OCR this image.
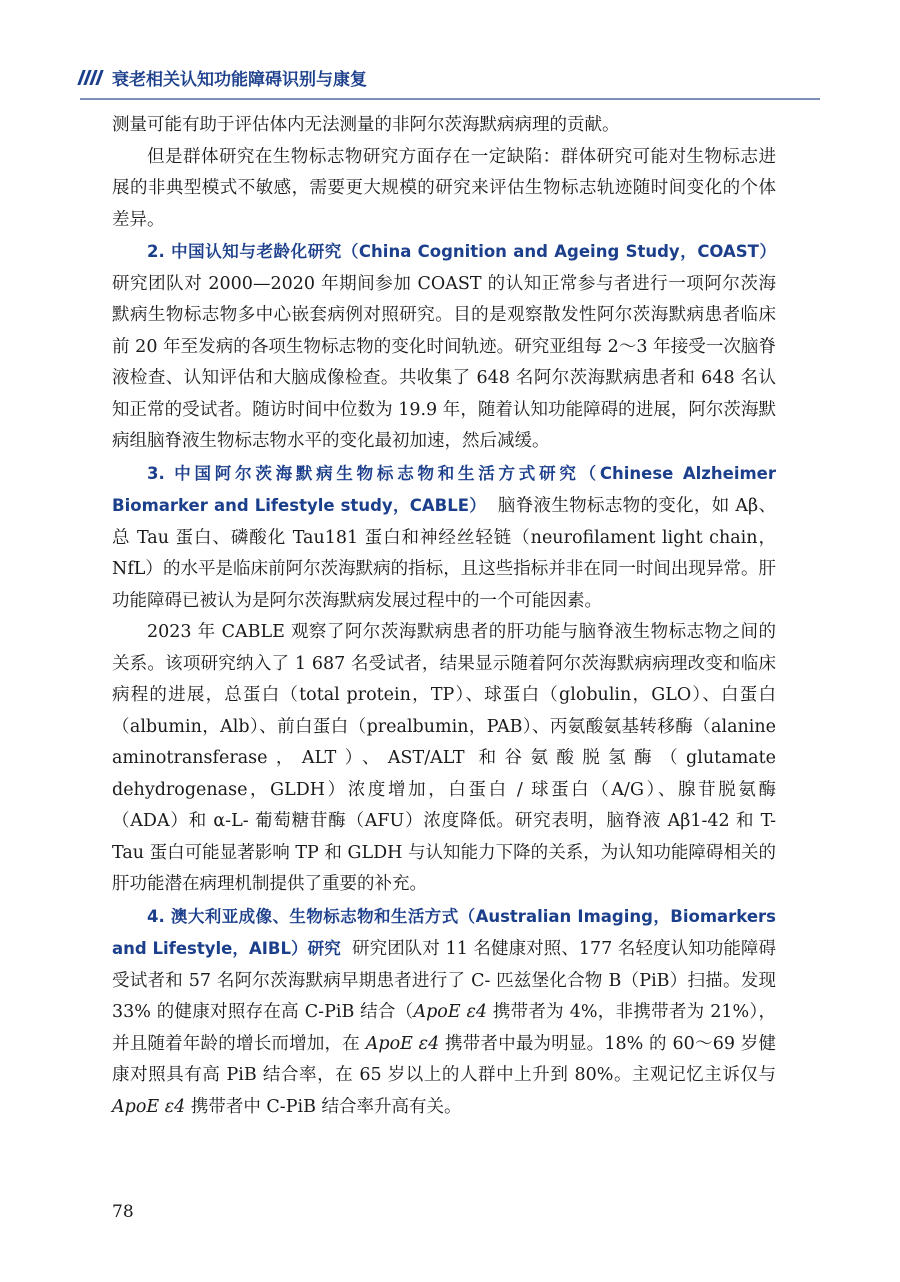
衰老相关认知功能障碍识别与康复

测量可能有助于评估体内无法测量的非阿尔茨海默病病理的贡献。

但是群体研究在生物标志物研究方面存在一定缺陷：群体研究可能对生物标志进展的非典型模式不敏感，需要更大规模的研究来评估生物标志轨迹随时间变化的个体差异。

2. 中国认知与老龄化研究（China Cognition and Ageing Study，COAST）研究团队对 2000—2020 年期间参加 COAST 的认知正常参与者进行一项阿尔茨海默病生物标志物多中心嵌套病例对照研究。目的是观察散发性阿尔茨海默病患者临床前 20 年至发病的各项生物标志物的变化时间轨迹。研究亚组每 2～3 年接受一次脑脊液检查、认知评估和大脑成像检查。共收集了 648 名阿尔茨海默病患者和 648 名认知正常的受试者。随访时间中位数为 19.9 年，随着认知功能障碍的进展，阿尔茨海默病组脑脊液生物标志物水平的变化最初加速，然后减缓。

3. 中国阿尔茨海默病生物标志物和生活方式研究（Chinese Alzheimer Biomarker and Lifestyle study，CABLE） 脑脊液生物标志物的变化，如 Aβ、总 Tau 蛋白、磷酸化 Tau181 蛋白和神经丝轻链（neurofilament light chain，NfL）的水平是临床前阿尔茨海默病的指标，且这些指标并非在同一时间出现异常。肝功能障碍已被认为是阿尔茨海默病发展过程中的一个可能因素。

2023 年 CABLE 观察了阿尔茨海默病患者的肝功能与脑脊液生物标志物之间的关系。该项研究纳入了 1 687 名受试者，结果显示随着阿尔茨海默病病理改变和临床病程的进展，总蛋白（total protein，TP）、球蛋白（globulin，GLO）、白蛋白（albumin，Alb）、前白蛋白（prealbumin，PAB）、丙氨酸氨基转移酶（alanine aminotransferase，ALT）、AST/ALT 和谷氨酸脱氢酶（glutamate dehydrogenase，GLDH）浓度增加，白蛋白 / 球蛋白（A/G）、腺苷脱氨酶（ADA）和 α-L- 葡萄糖苷酶（AFU）浓度降低。研究表明，脑脊液 Aβ1-42 和 T-Tau 蛋白可能显著影响 TP 和 GLDH 与认知能力下降的关系，为认知功能障碍相关的肝功能潜在病理机制提供了重要的补充。

4. 澳大利亚成像、生物标志物和生活方式（Australian Imaging，Biomarkers and Lifestyle，AIBL）研究 研究团队对 11 名健康对照、177 名轻度认知功能障碍受试者和 57 名阿尔茨海默病早期患者进行了 C- 匹兹堡化合物 B（PiB）扫描。发现 33% 的健康对照存在高 C-PiB 结合（ApoE ε4 携带者为 4%，非携带者为 21%），并且随着年龄的增长而增加，在 ApoE ε4 携带者中最为明显。18% 的 60～69 岁健康对照具有高 PiB 结合率，在 65 岁以上的人群中上升到 80%。主观记忆主诉仅与 ApoE ε4 携带者中 C-PiB 结合率升高有关。

78
